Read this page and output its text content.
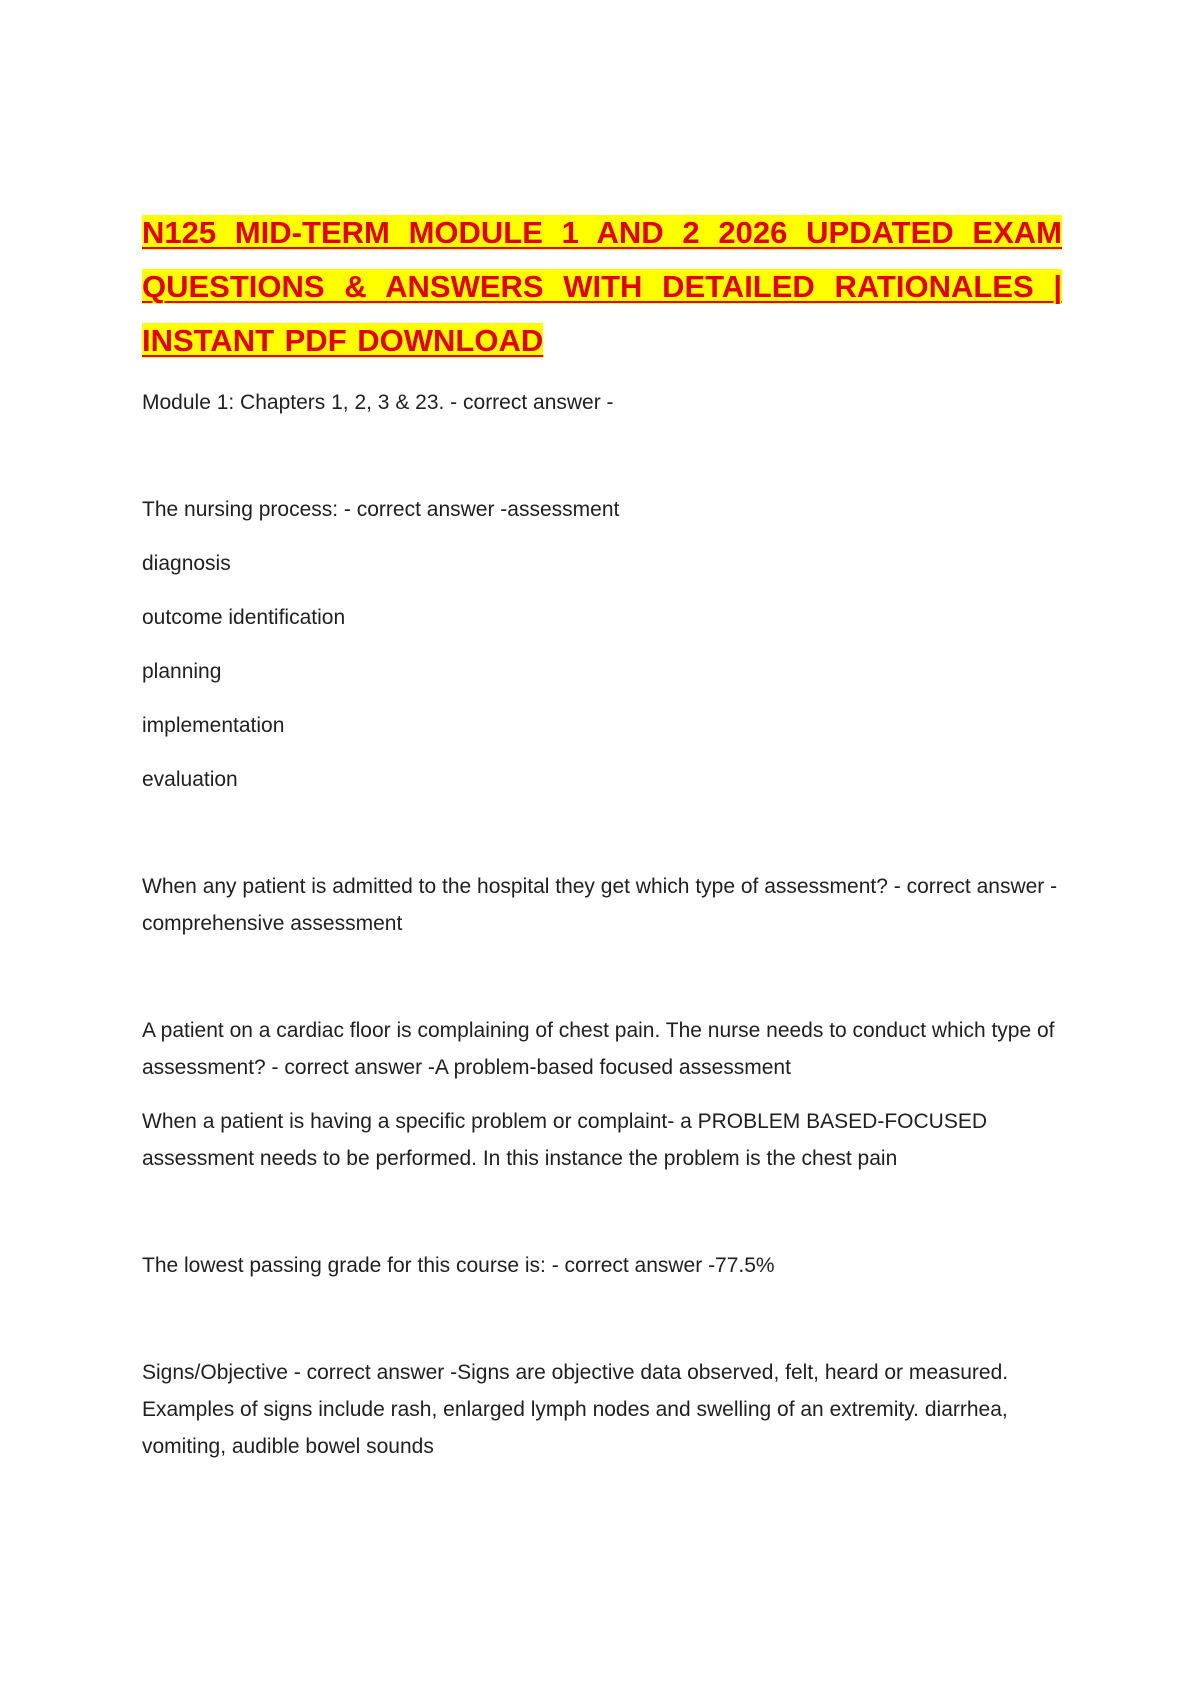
N125 MID-TERM MODULE 1 AND 2 2026 UPDATED EXAM QUESTIONS & ANSWERS WITH DETAILED RATIONALES | INSTANT PDF DOWNLOAD

Module 1: Chapters 1, 2, 3 & 23. - correct answer -

The nursing process: - correct answer -assessment

diagnosis

outcome identification

planning

implementation

evaluation

When any patient is admitted to the hospital they get which type of assessment? - correct answer -comprehensive assessment

A patient on a cardiac floor is complaining of chest pain. The nurse needs to conduct which type of assessment? - correct answer -A problem-based focused assessment

When a patient is having a specific problem or complaint- a PROBLEM BASED-FOCUSED assessment needs to be performed. In this instance the problem is the chest pain

The lowest passing grade for this course is: - correct answer -77.5%

Signs/Objective - correct answer -Signs are objective data observed, felt, heard or measured. Examples of signs include rash, enlarged lymph nodes and swelling of an extremity. diarrhea, vomiting, audible bowel sounds
